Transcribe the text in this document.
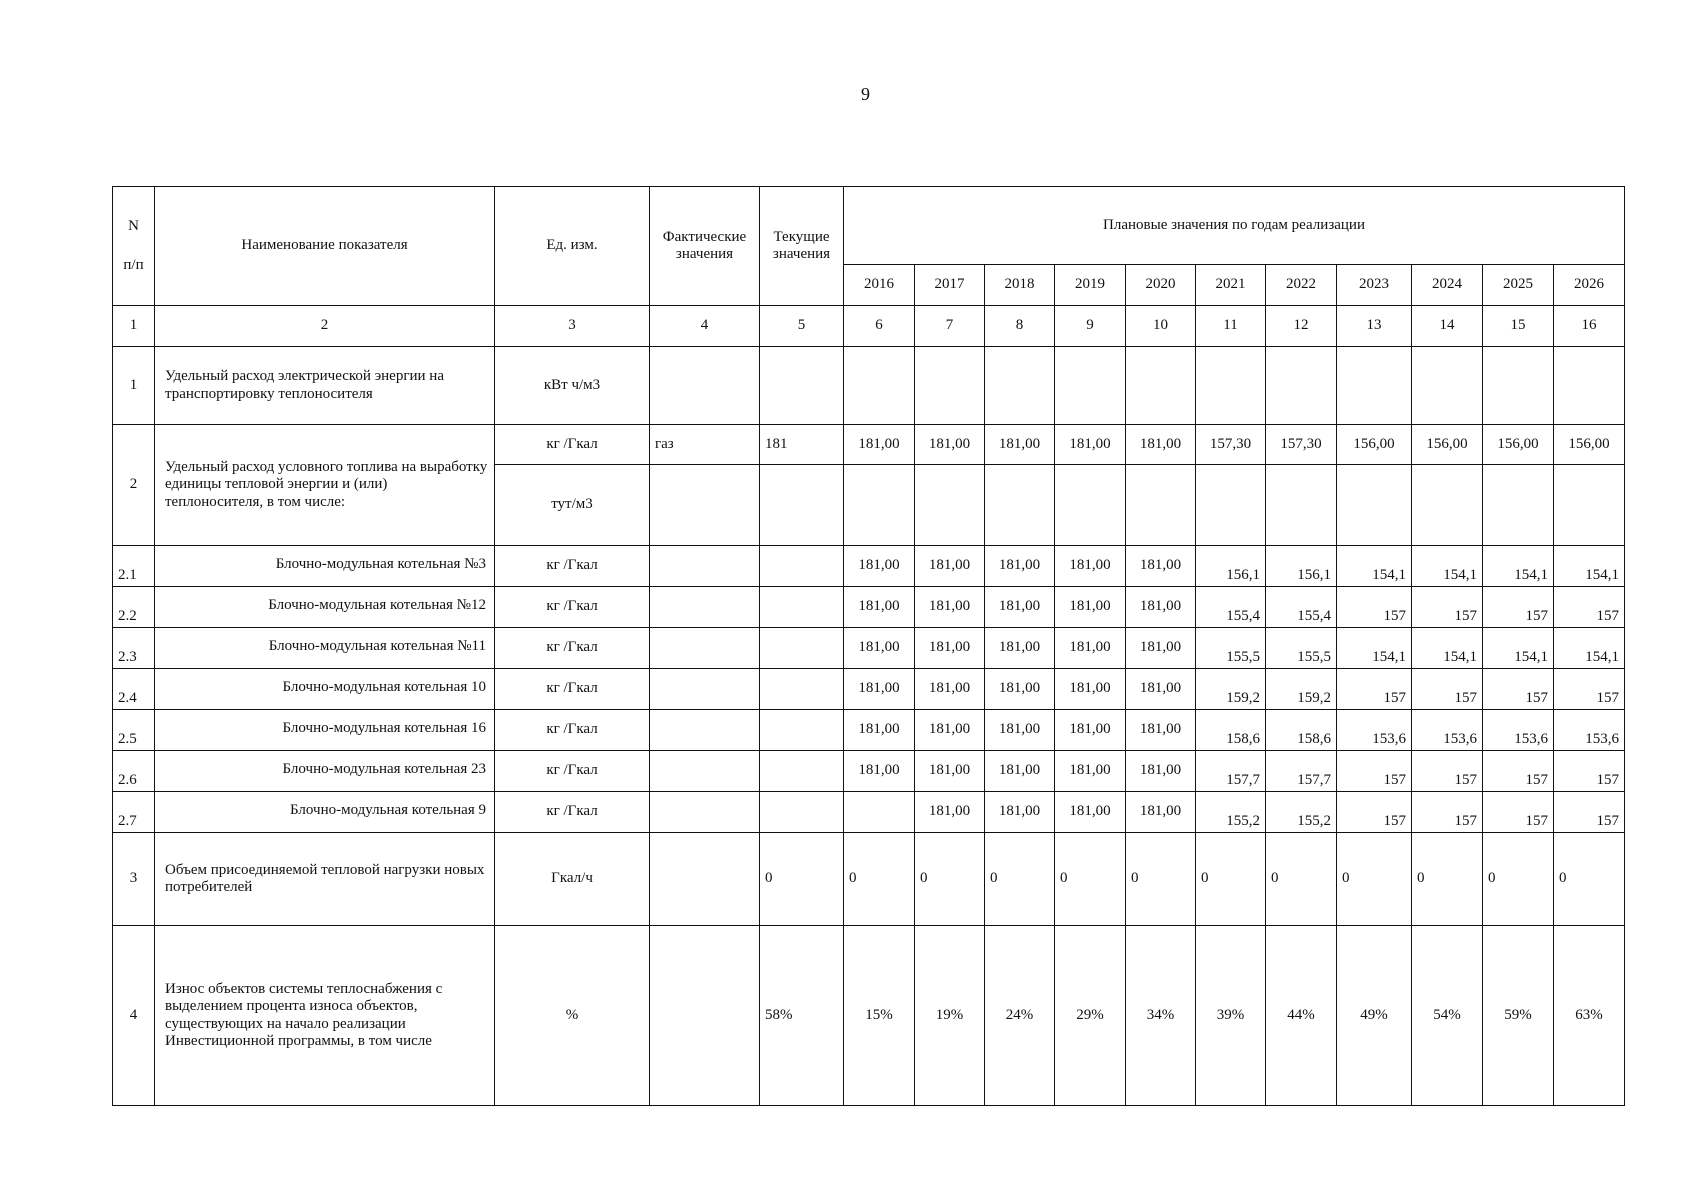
9
N
п/п	Наименование показателя	Ед. изм.	Фактические значения	Текущие значения	Плановые значения по годам реализации										
					2016	2017	2018	2019	2020	2021	2022	2023	2024	2025	2026
1	2	3	4	5	6	7	8	9	10	11	12	13	14	15	16
1	Удельный расход электрической энергии на транспортировку теплоносителя	кВт ч/м3													
2	Удельный расход условного топлива на выработку единицы тепловой энергии и (или) теплоносителя, в том числе:	кг /Гкал	газ	181	181,00	181,00	181,00	181,00	181,00	157,30	157,30	156,00	156,00	156,00	156,00
		тут/м3													
2.1	Блочно-модульная котельная №3	кг /Гкал			181,00	181,00	181,00	181,00	181,00	156,1	156,1	154,1	154,1	154,1	154,1
2.2	Блочно-модульная котельная №12	кг /Гкал			181,00	181,00	181,00	181,00	181,00	155,4	155,4	157	157	157	157
2.3	Блочно-модульная котельная №11	кг /Гкал			181,00	181,00	181,00	181,00	181,00	155,5	155,5	154,1	154,1	154,1	154,1
2.4	Блочно-модульная котельная 10	кг /Гкал			181,00	181,00	181,00	181,00	181,00	159,2	159,2	157	157	157	157
2.5	Блочно-модульная котельная 16	кг /Гкал			181,00	181,00	181,00	181,00	181,00	158,6	158,6	153,6	153,6	153,6	153,6
2.6	Блочно-модульная котельная 23	кг /Гкал			181,00	181,00	181,00	181,00	181,00	157,7	157,7	157	157	157	157
2.7	Блочно-модульная котельная 9	кг /Гкал				181,00	181,00	181,00	181,00	155,2	155,2	157	157	157	157
3	Объем присоединяемой тепловой нагрузки новых потребителей	Гкал/ч		0	0	0	0	0	0	0	0	0	0	0	0
4	Износ объектов системы теплоснабжения с выделением процента износа объектов, существующих на начало реализации Инвестиционной программы, в том числе	%		58%	15%	19%	24%	29%	34%	39%	44%	49%	54%	59%	63%
